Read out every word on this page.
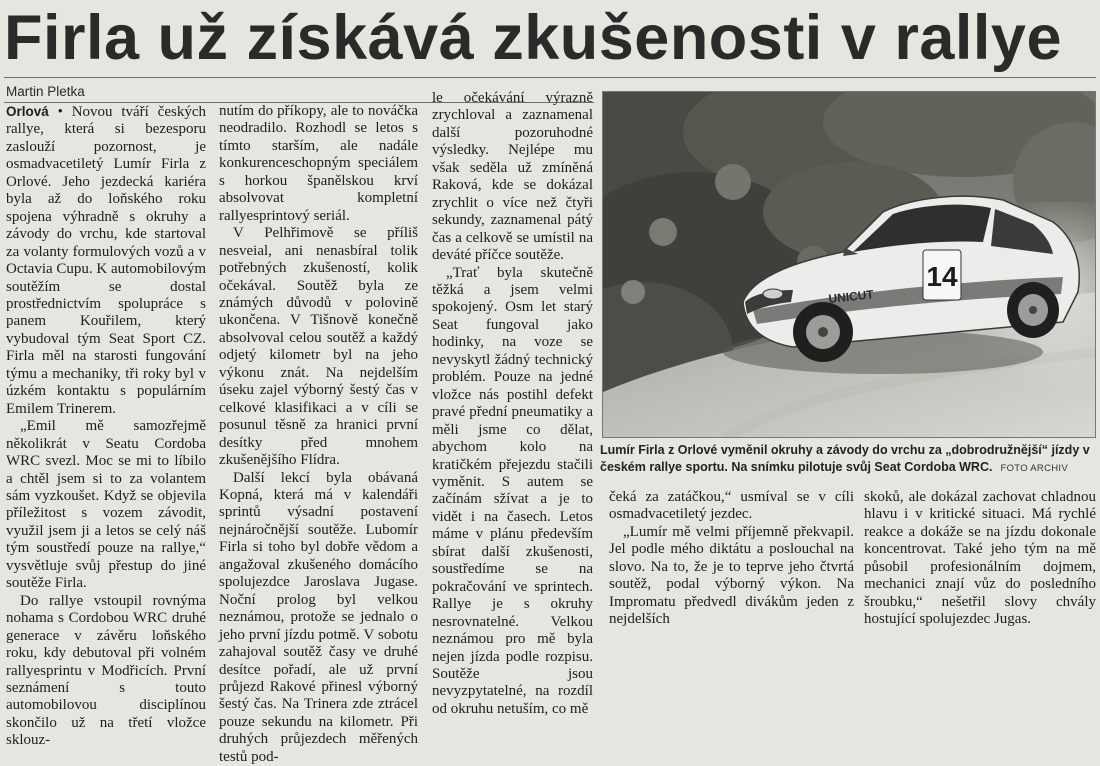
Firla už získává zkušenosti v rallye
Martin Pletka

Orlová • Novou tváří českých rallye, která si bezesporu zaslouží pozornost, je osmadvacetiletý Lumír Firla z Orlové. Jeho jezdecká kariéra byla až do loňského roku spojena výhradně s okruhy a závody do vrchu, kde startoval za volanty formulových vozů a v Octavia Cupu. K automobilovým soutěžím se dostal prostřednictvím spolupráce s panem Kouřilem, který vybudoval tým Seat Sport CZ. Firla měl na starosti fungování týmu a mechaniky, tři roky byl v úzkém kontaktu s populárním Emilem Trinerem.

„Emil mě samozřejmě několikrát v Seatu Cordoba WRC svezl. Moc se mi to líbilo a chtěl jsem si to za volantem sám vyzkoušet. Když se objevila příležitost s vozem závodit, využil jsem ji a letos se celý náš tým soustředí pouze na rallye,“ vysvětluje svůj přestup do jiné soutěže Firla.

Do rallye vstoupil rovnýma nohama s Cordobou WRC druhé generace v závěru loňského roku, kdy debutoval při volném rallyesprintu v Modřicích. První seznámení s touto automobilovou disciplínou skončilo už na třetí vložce sklouz-

nutím do příkopy, ale to nováčka neodradilo. Rozhodl se letos s tímto starším, ale nadále konkurenceschopným speciálem s horkou španělskou krví absolvovat kompletní rallyesprintový seriál.

V Pelhřimově se příliš nesveial, ani nenasbíral tolik potřebných zkušeností, kolik očekával. Soutěž byla ze známých důvodů v polovině ukončena. V Tišnově konečně absolvoval celou soutěž a každý odjetý kilometr byl na jeho výkonu znát. Na nejdelším úseku zajel výborný šestý čas v celkové klasifikaci a v cíli se posunul těsně za hranici první desítky před mnohem zkušenějšího Flídra.

Další lekcí byla obávaná Kopná, která má v kalendáři sprintů výsadní postavení nejnáročnější soutěže. Lubomír Firla si toho byl dobře vědom a angažoval zkušeného domácího spolujezdce Jaroslava Jugase. Noční prolog byl velkou neznámou, protože se jednalo o jeho první jízdu potmě. V sobotu zahajoval soutěž časy ve druhé desítce pořadí, ale už první průjezd Rakové přinesl výborný šestý čas. Na Trinera zde ztrácel pouze sekundu na kilometr. Při druhých průjezdech měřených testů pod-

le očekávání výrazně zrychloval a zaznamenal další pozoruhodné výsledky. Nejlépe mu však seděla už zmíněná Raková, kde se dokázal zrychlit o více než čtyři sekundy, zaznamenal pátý čas a celkově se umístil na deváté příčce soutěže.

„Trať byla skutečně těžká a jsem velmi spokojený. Osm let starý Seat fungoval jako hodinky, na voze se nevyskytl žádný technický problém. Pouze na jedné vložce nás postihl defekt pravé přední pneumatiky a měli jsme co dělat, abychom kolo na kratičkém přejezdu stačili vyměnit. S autem se začínám sžívat a je to vidět i na časech. Letos máme v plánu především sbírat další zkušenosti, soustředíme se na pokračování ve sprintech. Rallye je s okruhy nesrovnatelné. Velkou neznámou pro mě byla nejen jízda podle rozpisu. Soutěže jsou nevyzpytatelné, na rozdíl od okruhu netuším, co mě

čeká za zatáčkou,“ usmíval se v cíli osmadvacetiletý jezdec.

„Lumír mě velmi příjemně překvapil. Jel podle mého diktátu a poslouchal na slovo. Na to, že je to teprve jeho čtvrtá soutěž, podal výborný výkon. Na Impromatu předvedl divákům jeden z nejdelších

skoků, ale dokázal zachovat chladnou hlavu i v kritické situaci. Má rychlé reakce a dokáže se na jízdu dokonale koncentrovat. Také jeho tým na mě působil profesionálním dojmem, mechanici znají vůz do posledního šroubku,“ nešetřil slovy chvály hostující spolujezdec Jugas.

14
UNICUT
Lumír Firla z Orlové vyměnil okruhy a závody do vrchu za „dobrodružnější“ jízdy v českém rallye sportu. Na snímku pilotuje svůj Seat Cordoba WRC. FOTO ARCHIV
